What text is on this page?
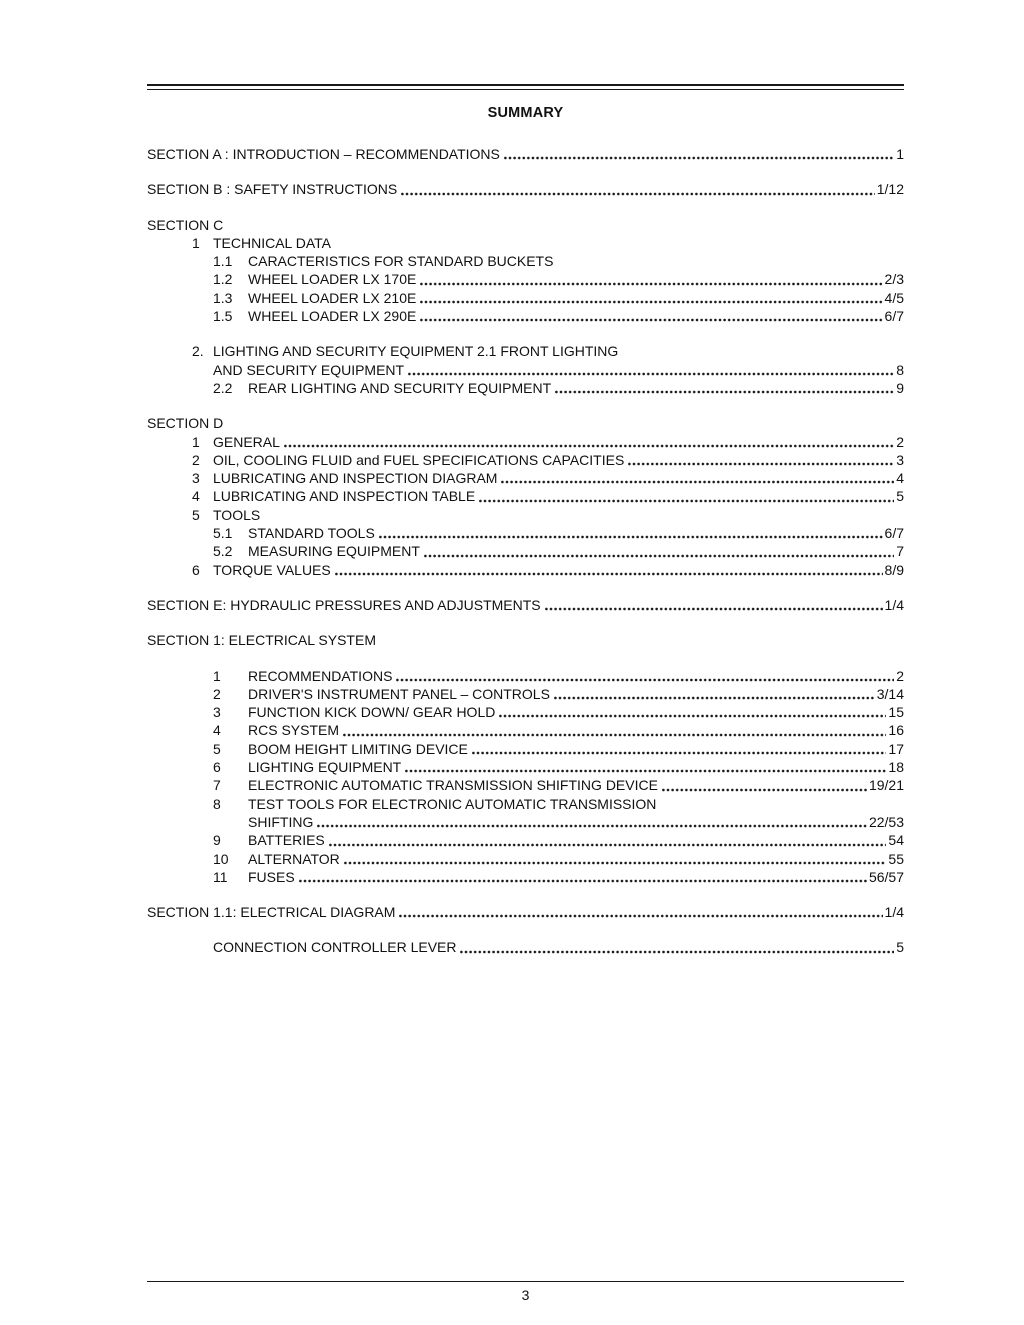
SUMMARY
SECTION A : INTRODUCTION – RECOMMENDATIONS	1
SECTION B : SAFETY INSTRUCTIONS	1/12
SECTION C
1 TECHNICAL DATA
1.1	CARACTERISTICS FOR STANDARD BUCKETS
1.2	WHEEL LOADER LX 170E	2/3
1.3	WHEEL LOADER LX 210E	4/5
1.5	WHEEL LOADER LX 290E	6/7
2. LIGHTING AND SECURITY EQUIPMENT 2.1 FRONT LIGHTING
AND SECURITY EQUIPMENT	8
2.2	REAR LIGHTING AND SECURITY EQUIPMENT	9
SECTION D
1 GENERAL	2
2 OIL, COOLING FLUID and FUEL SPECIFICATIONS CAPACITIES	3
3 LUBRICATING AND INSPECTION DIAGRAM	4
4 LUBRICATING AND INSPECTION TABLE	5
5 TOOLS
5.1	STANDARD TOOLS	6/7
5.2	MEASURING EQUIPMENT	7
6 TORQUE VALUES	8/9
SECTION E: HYDRAULIC PRESSURES AND ADJUSTMENTS	1/4
SECTION 1: ELECTRICAL SYSTEM
1	RECOMMENDATIONS	2
2	DRIVER'S INSTRUMENT PANEL – CONTROLS	3/14
3	FUNCTION KICK DOWN/ GEAR HOLD	15
4	RCS SYSTEM	16
5	BOOM HEIGHT LIMITING DEVICE	17
6	LIGHTING EQUIPMENT	18
7	ELECTRONIC AUTOMATIC TRANSMISSION SHIFTING DEVICE	19/21
8	TEST TOOLS FOR ELECTRONIC AUTOMATIC TRANSMISSION
SHIFTING	22/53
9	BATTERIES	54
10	ALTERNATOR	55
11	FUSES	56/57
SECTION 1.1: ELECTRICAL DIAGRAM	1/4
CONNECTION CONTROLLER LEVER	5
3
